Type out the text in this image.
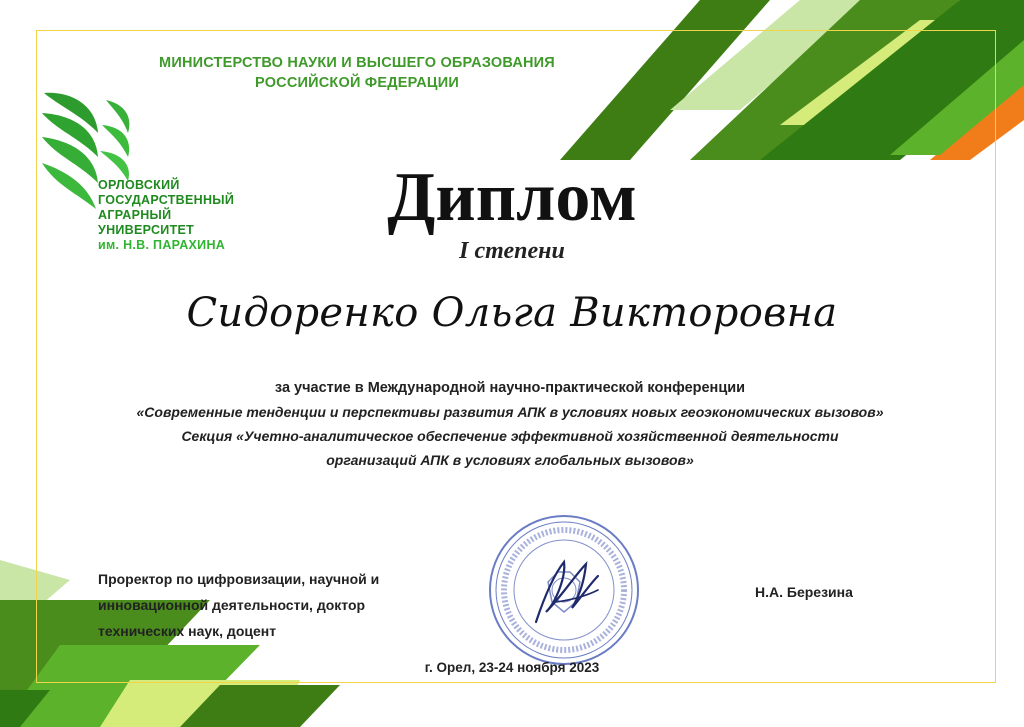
МИНИСТЕРСТВО НАУКИ И ВЫСШЕГО ОБРАЗОВАНИЯ
РОССИЙСКОЙ ФЕДЕРАЦИИ
ОРЛОВСКИЙ
ГОСУДАРСТВЕННЫЙ
АГРАРНЫЙ
УНИВЕРСИТЕТ
им. Н.В. ПАРАХИНА
Диплом
I степени
Сидоренко Ольга Викторовна
за участие в Международной научно-практической конференции
«Современные тенденции и перспективы развития АПК в условиях новых геоэкономических вызовов»
Секция «Учетно-аналитическое обеспечение эффективной хозяйственной деятельности
организаций АПК в условиях глобальных вызовов»
Проректор по цифровизации, научной и
инновационной деятельности, доктор
технических наук, доцент
Н.А. Березина
г. Орел, 23-24 ноября 2023
